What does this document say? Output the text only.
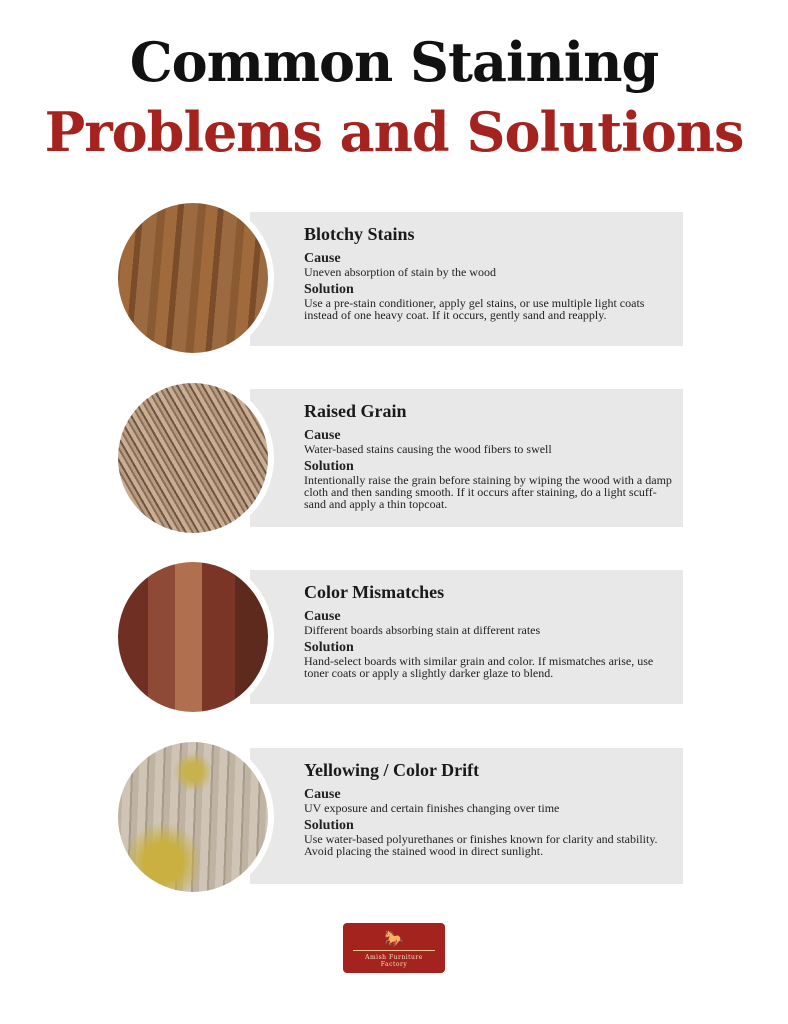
Common Staining
Problems and Solutions
Blotchy Stains
Cause
Uneven absorption of stain by the wood
Solution
Use a pre-stain conditioner, apply gel stains, or use multiple light coats instead of one heavy coat. If it occurs, gently sand and reapply.
Raised Grain
Cause
Water-based stains causing the wood fibers to swell
Solution
Intentionally raise the grain before staining by wiping the wood with a damp cloth and then sanding smooth. If it occurs after staining, do a light scuff-sand and apply a thin topcoat.
Color Mismatches
Cause
Different boards absorbing stain at different rates
Solution
Hand-select boards with similar grain and color. If mismatches arise, use toner coats or apply a slightly darker glaze to blend.
Yellowing / Color Drift
Cause
UV exposure and certain finishes changing over time
Solution
Use water-based polyurethanes or finishes known for clarity and stability. Avoid placing the stained wood in direct sunlight.
🐎
Amish Furniture Factory
